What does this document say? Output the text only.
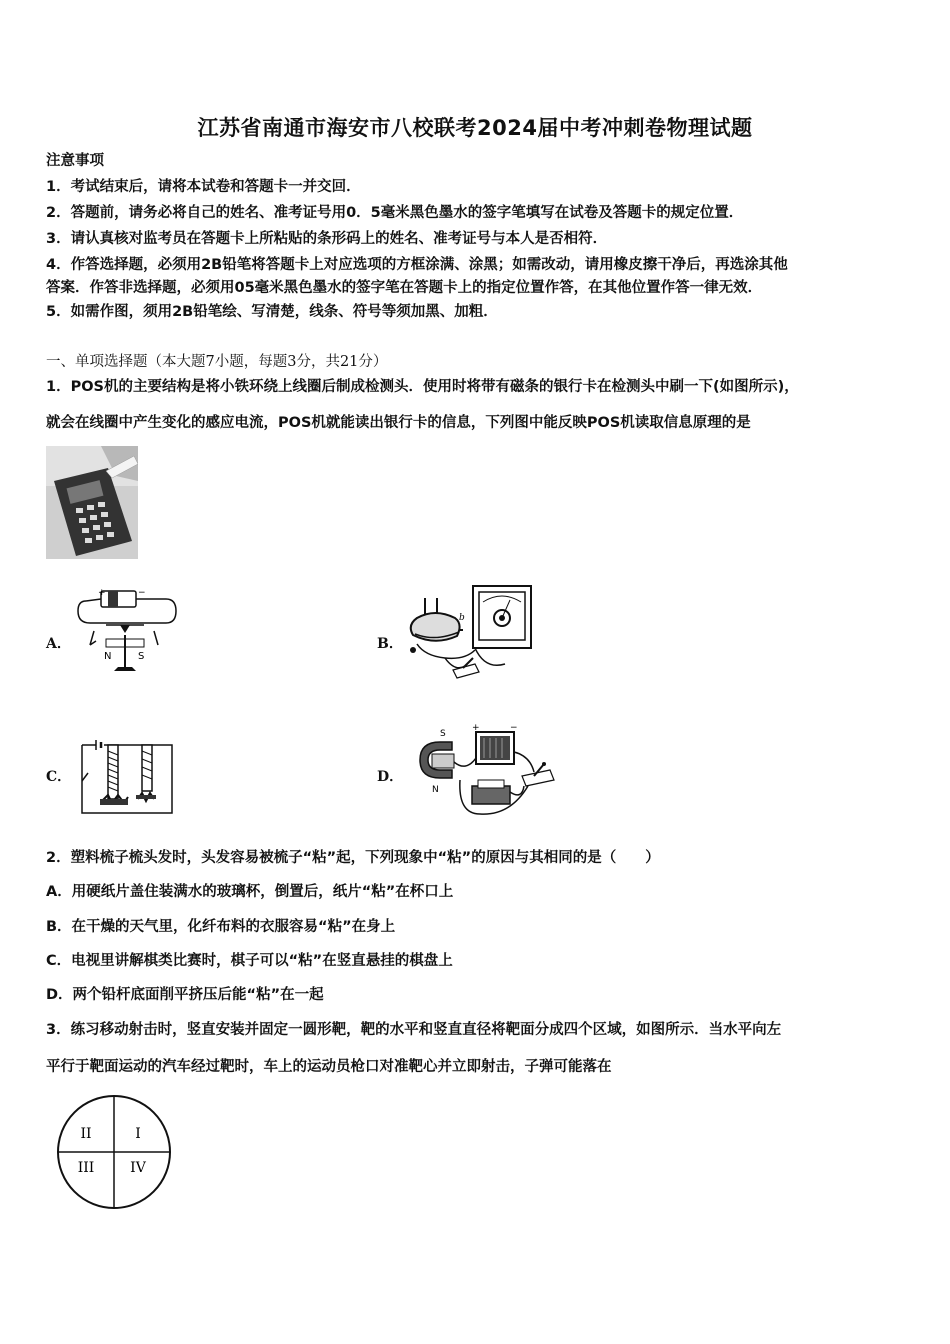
江苏省南通市海安市八校联考2024届中考冲刺卷物理试题
注意事项
1．考试结束后，请将本试卷和答题卡一并交回．
2．答题前，请务必将自己的姓名、准考证号用0．5毫米黑色墨水的签字笔填写在试卷及答题卡的规定位置．
3．请认真核对监考员在答题卡上所粘贴的条形码上的姓名、准考证号与本人是否相符．
4．作答选择题，必须用2B铅笔将答题卡上对应选项的方框涂满、涂黑；如需改动，请用橡皮擦干净后，再选涂其他
答案．作答非选择题，必须用05毫米黑色墨水的签字笔在答题卡上的指定位置作答，在其他位置作答一律无效．
5．如需作图，须用2B铅笔绘、写清楚，线条、符号等须加黑、加粗．
一、单项选择题（本大题7小题，每题3分，共21分）
1．POS机的主要结构是将小铁环绕上线圈后制成检测头．使用时将带有磁条的银行卡在检测头中刷一下(如图所示)，
就会在线圈中产生变化的感应电流，POS机就能读出银行卡的信息，下列图中能反映POS机读取信息原理的是
A．
+	−
N	S
B．
b
C．	D．
S
N
+	−
2．塑料梳子梳头发时，头发容易被梳子“粘”起，下列现象中“粘”的原因与其相同的是（　　）
A．用硬纸片盖住装满水的玻璃杯，倒置后，纸片“粘”在杯口上
B．在干燥的天气里，化纤布料的衣服容易“粘”在身上
C．电视里讲解棋类比赛时，棋子可以“粘”在竖直悬挂的棋盘上
D．两个铅杆底面削平挤压后能“粘”在一起
3．练习移动射击时，竖直安装并固定一圆形靶，靶的水平和竖直直径将靶面分成四个区域，如图所示．当水平向左
平行于靶面运动的汽车经过靶时，车上的运动员枪口对准靶心并立即射击，子弹可能落在
II	I
III	IV
